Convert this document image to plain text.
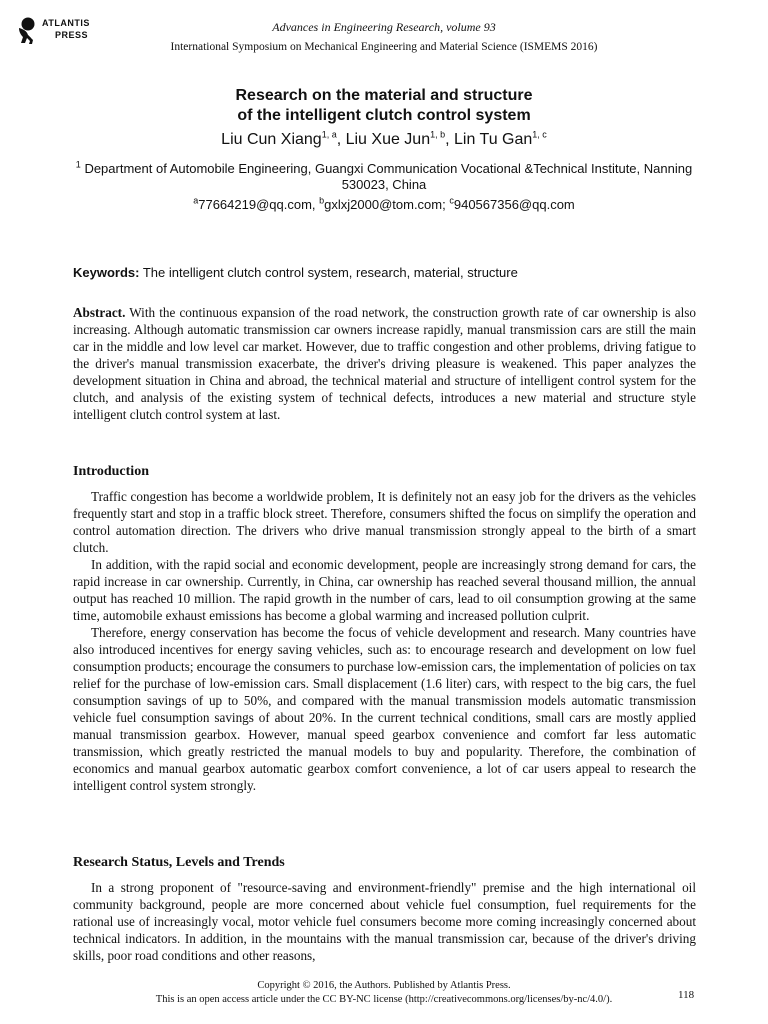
ATLANTIS
PRESS
Advances in Engineering Research, volume 93
International Symposium on Mechanical Engineering and Material Science (ISMEMS 2016)
Research on the material and structure
of the intelligent clutch control system
Liu Cun Xiang$^{1, a}$, Liu Xue Jun$^{1, b}$, Lin Tu Gan$^{1, c}$
$^1$ Department of Automobile Engineering, Guangxi Communication Vocational &Technical Institute, Nanning 530023, China
$^a$77664219@qq.com, $^b$gxlxj2000@tom.com; $^c$940567356@qq.com
Keywords: The intelligent clutch control system, research, material, structure

Abstract. With the continuous expansion of the road network, the construction growth rate of car ownership is also increasing. Although automatic transmission car owners increase rapidly, manual transmission cars are still the main car in the middle and low level car market. However, due to traffic congestion and other problems, driving fatigue to the driver's manual transmission exacerbate, the driver's driving pleasure is weakened. This paper analyzes the development situation in China and abroad, the technical material and structure of intelligent control system for the clutch, and analysis of the existing system of technical defects, introduces a new material and structure style intelligent clutch control system at last.

Introduction

Traffic congestion has become a worldwide problem, It is definitely not an easy job for the drivers as the vehicles frequently start and stop in a traffic block street. Therefore, consumers shifted the focus on simplify the operation and control automation direction. The drivers who drive manual transmission strongly appeal to the birth of a smart clutch.

In addition, with the rapid social and economic development, people are increasingly strong demand for cars, the rapid increase in car ownership. Currently, in China, car ownership has reached several thousand million, the annual output has reached 10 million. The rapid growth in the number of cars, lead to oil consumption growing at the same time, automobile exhaust emissions has become a global warming and increased pollution culprit.

Therefore, energy conservation has become the focus of vehicle development and research. Many countries have also introduced incentives for energy saving vehicles, such as: to encourage research and development on low fuel consumption products; encourage the consumers to purchase low-emission cars, the implementation of policies on tax relief for the purchase of low-emission cars. Small displacement (1.6 liter) cars, with respect to the big cars, the fuel consumption savings of up to 50%, and compared with the manual transmission models automatic transmission vehicle fuel consumption savings of about 20%. In the current technical conditions, small cars are mostly applied manual transmission gearbox. However, manual speed gearbox convenience and comfort far less automatic transmission, which greatly restricted the manual models to buy and popularity. Therefore, the combination of economics and manual gearbox automatic gearbox comfort convenience, a lot of car users appeal to research the intelligent control system strongly.

Research Status, Levels and Trends

In a strong proponent of "resource-saving and environment-friendly" premise and the high international oil community background, people are more concerned about vehicle fuel consumption, fuel requirements for the rational use of increasingly vocal, motor vehicle fuel consumers become more coming increasingly concerned about technical indicators. In addition, in the mountains with the manual transmission car, because of the driver's driving skills, poor road conditions and other reasons,

Copyright © 2016, the Authors. Published by Atlantis Press.
This is an open access article under the CC BY-NC license (http://creativecommons.org/licenses/by-nc/4.0/).	118
